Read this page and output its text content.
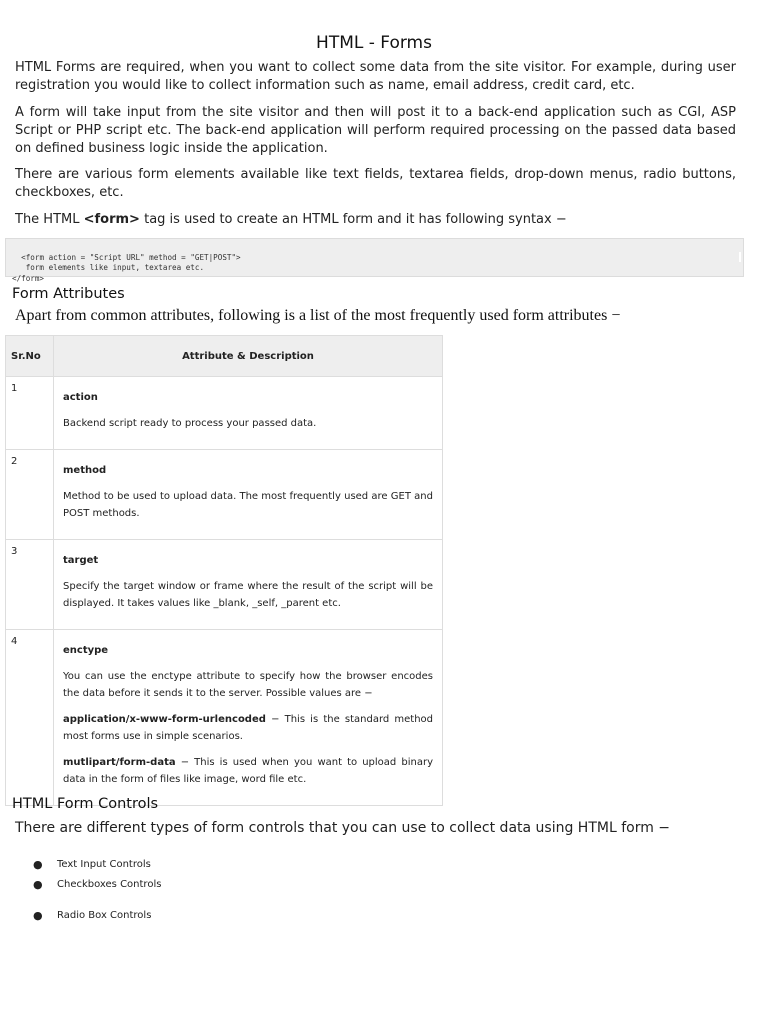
HTML - Forms

HTML Forms are required, when you want to collect some data from the site visitor. For example, during user registration you would like to collect information such as name, email address, credit card, etc.

A form will take input from the site visitor and then will post it to a back-end application such as CGI, ASP Script or PHP script etc. The back-end application will perform required processing on the passed data based on defined business logic inside the application.

There are various form elements available like text fields, textarea fields, drop-down menus, radio buttons, checkboxes, etc.

The HTML <form> tag is used to create an HTML form and it has following syntax −

<form action = "Script URL" method = "GET|POST">
form elements like input, textarea etc.
</form>

Form Attributes
Apart from common attributes, following is a list of the most frequently used form attributes −
Sr.No	Attribute & Description
1	action

Backend script ready to process your passed data.

2	method

Method to be used to upload data. The most frequently used are GET and POST methods.

3	target

Specify the target window or frame where the result of the script will be displayed. It takes values like _blank, _self, _parent etc.

4	enctype

You can use the enctype attribute to specify how the browser encodes the data before it sends it to the server. Possible values are −

application/x-www-form-urlencoded − This is the standard method most forms use in simple scenarios.

mutlipart/form-data − This is used when you want to upload binary data in the form of files like image, word file etc.

HTML Form Controls
There are different types of form controls that you can use to collect data using HTML form −
● Text Input Controls
● Checkboxes Controls
● Radio Box Controls
